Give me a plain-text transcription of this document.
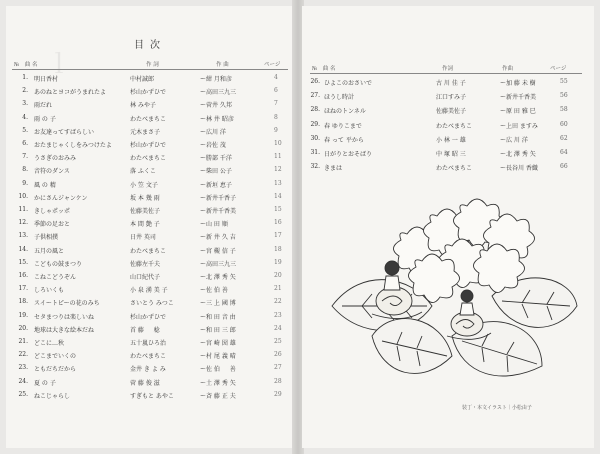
ｌ
目次
№　曲 名	作 詞	作 曲	ページ
1. 明日香村	中村誠郎	ー紺 月和彦	4
2. あのねとヨコがうまれたよ	杉山かずひで	ー高田三九三	6
3. 雨だれ	林 みや子	ー菅井 久邦	7
4. 雨 の 子	わたべまちこ	ー林 井 昭彦	8
5. お友達ってすばらしい	元木まさ子	ー広川 洋	9
6. おたまじゃくしをみつけたよ	杉山かずひで	ー岩佐 茂	10
7. うさぎのおみみ	わたべまちこ	ー勝部 千洋	11
8. 音符のダンス	落 ふくこ	ー柴田 公子	12
9. 風 の 精	小 笠 文子	ー新垣 恵子	13
10. かにさんジャンケン	坂 本 幾 雨	ー新井千香子	14
11. きしゃポッポ	佐藤美佐子	ー新井千香美	15
12. 季節の足おと	本 間 艶 子	ー山 田 順	16
13. 子供相撲	日井 英司	ー新 井 久 吉	17
14. 五月の風と	わたべまちこ	ー宮 槻 信 子	18
15. こどもの鼓まつり	佐藤左千夫	ー高田三九三	19
16. こねこどうぞん	山口紀代子	ー北 澤 秀 矢	20
17. しろいくも	小 泉 湧 美 子	ー佐 伯 善	21
18. スイートピーの花のみち	さいとう みつこ	ー三 上 國 博	22
19. セタまつりは楽しいね	杉山かずひで	ー和 田 音 由	23
20. 地球は大きな絵本だね	首 藤 　 稔	ー和 田 三 郎	24
21. どこに…秋	五十嵐ひろ治	ー宮 崎 圀 雄	25
22. どこまでいくの	わたべまちこ	ー村 尾 義 晴	26
23. ともだちだから	金井 き よ み	ー佐 伯 　 善	27
24. 夏 の 子	菅 藤 俊 滋	ー土 澤 秀 矢	28
25. ねこじゃらし	すぎもと あやこ	ー斉 藤 正 夫	29
№　曲 名	作詞	作曲	ページ
26. ひよこのおさいで	古 川 佳 子	ー加 藤 未 樹	55
27. ほうし時計	江口すみ子	ー新井千香美	56
28. ほねのトンネル	佐藤美佐子	ー原 田 雅 巳	58
29. 春 ゆりこまで	わたべまちこ	ー上田 ますみ	60
30. 春 って 平から	小 林 一 雄	ー広 川 洋	62
31. 日がりとおそばり	中 塚 昭 三	ー北 澤 秀 矢	64
32. きまは	わたべまちこ	ー長谷川 香織	66
装丁・本文イラスト｜小松由子
